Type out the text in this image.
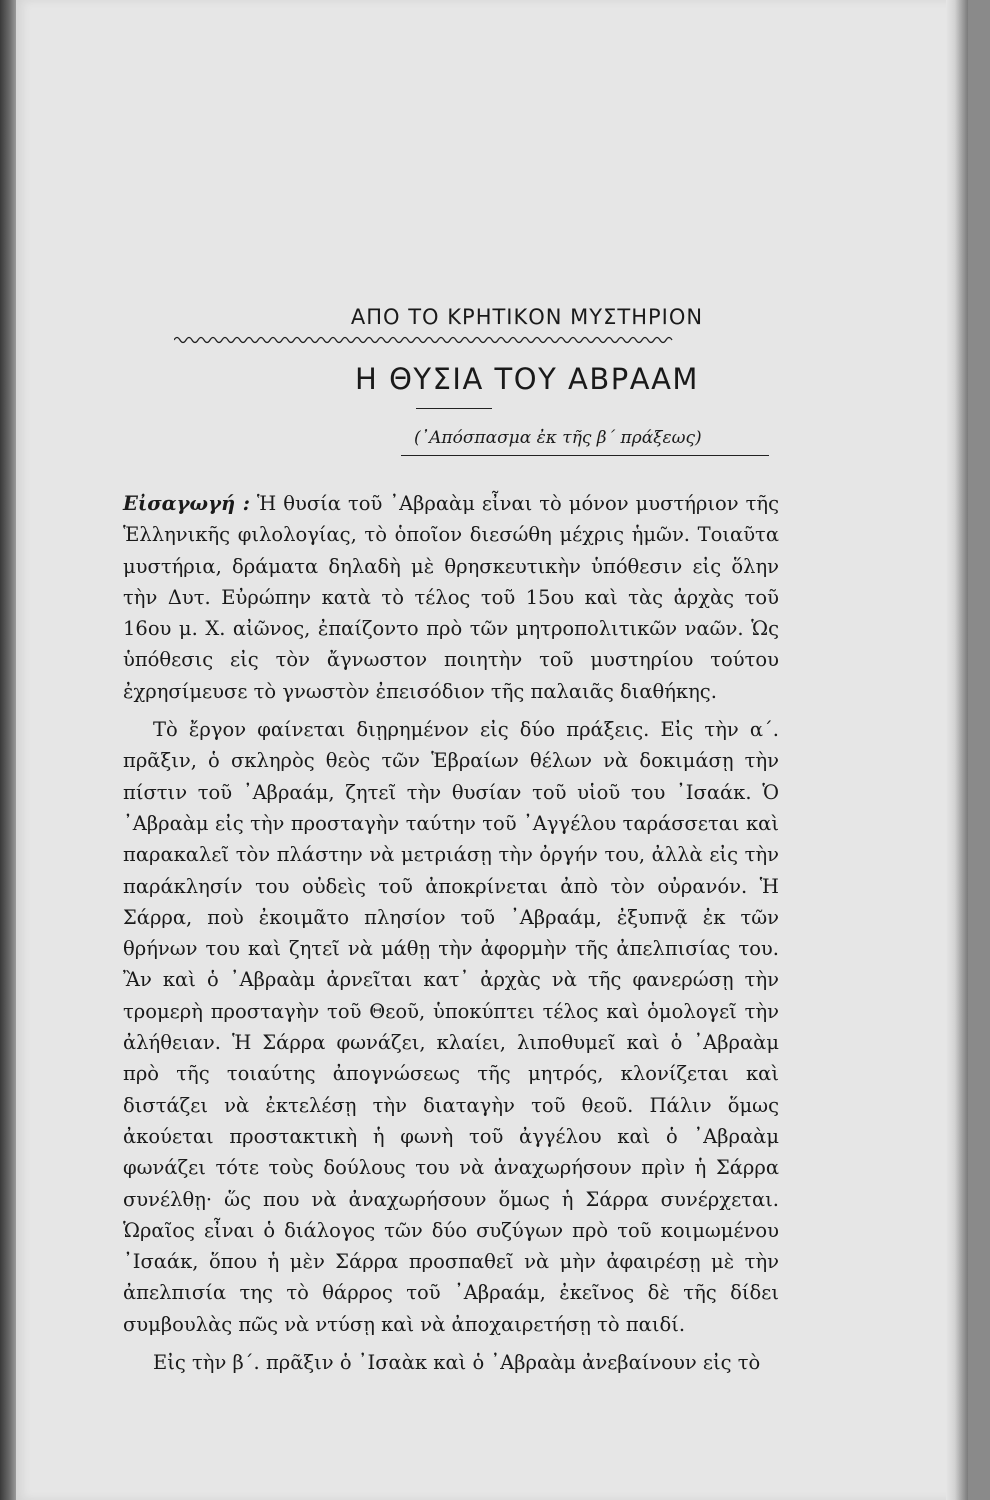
ΑΠΟ ΤΟ ΚΡΗΤΙΚΟΝ ΜΥΣΤΗΡΙΟΝ
Η ΘΥΣΙΑ ΤΟΥ ΑΒΡΑΑΜ
(᾿Απόσπασμα ἐκ τῆς β΄ πράξεως)

Εἰσαγωγή : Ἡ θυσία τοῦ ᾿Αβραὰμ εἶναι τὸ μόνον μυστήριον τῆς Ἑλληνικῆς φιλολογίας, τὸ ὁποῖον διεσώθη μέχρις ἡμῶν. Τοιαῦτα μυστήρια, δράματα δηλαδὴ μὲ θρησκευτικὴν ὑπόθεσιν εἰς ὅλην τὴν Δυτ. Εὐρώπην κατὰ τὸ τέλος τοῦ 15ου καὶ τὰς ἀρχὰς τοῦ 16ου μ. Χ. αἰῶνος, ἐπαίζοντο πρὸ τῶν μητροπολιτικῶν ναῶν. Ὡς ὑπόθεσις εἰς τὸν ἄγνωστον ποιητὴν τοῦ μυστηρίου τούτου ἐχρησίμευσε τὸ γνωστὸν ἐπεισόδιον τῆς παλαιᾶς διαθήκης.

Τὸ ἔργον φαίνεται διῃρημένον εἰς δύο πράξεις. Εἰς τὴν α΄. πρᾶξιν, ὁ σκληρὸς θεὸς τῶν Ἑβραίων θέλων νὰ δοκιμάσῃ τὴν πίστιν τοῦ ᾿Αβραάμ, ζητεῖ τὴν θυσίαν τοῦ υἱοῦ του ᾿Ισαάκ. Ὁ ᾿Αβραὰμ εἰς τὴν προσταγὴν ταύτην τοῦ ᾿Αγγέλου ταράσσεται καὶ παρακαλεῖ τὸν πλάστην νὰ μετριάσῃ τὴν ὀργήν του, ἀλλὰ εἰς τὴν παράκλησίν του οὐδεὶς τοῦ ἀποκρίνεται ἀπὸ τὸν οὐρανόν. Ἡ Σάρρα, ποὺ ἐκοιμᾶτο πλησίον τοῦ ᾿Αβραάμ, ἐξυπνᾷ ἐκ τῶν θρήνων του καὶ ζητεῖ νὰ μάθῃ τὴν ἀφορμὴν τῆς ἀπελπισίας του. Ἂν καὶ ὁ ᾿Αβραὰμ ἀρνεῖται κατ᾿ ἀρχὰς νὰ τῆς φανερώσῃ τὴν τρομερὴ προσταγὴν τοῦ Θεοῦ, ὑποκύπτει τέλος καὶ ὁμολογεῖ τὴν ἀλήθειαν. Ἡ Σάρρα φωνάζει, κλαίει, λιποθυμεῖ καὶ ὁ ᾿Αβραὰμ πρὸ τῆς τοιαύτης ἀπογνώσεως τῆς μητρός, κλονίζεται καὶ διστάζει νὰ ἐκτελέσῃ τὴν διαταγὴν τοῦ θεοῦ. Πάλιν ὅμως ἀκούεται προστακτικὴ ἡ φωνὴ τοῦ ἀγγέλου καὶ ὁ ᾿Αβραὰμ φωνάζει τότε τοὺς δούλους του νὰ ἀναχωρήσουν πρὶν ἡ Σάρρα συνέλθῃ· ὥς που νὰ ἀναχωρήσουν ὅμως ἡ Σάρρα συνέρχεται. Ὡραῖος εἶναι ὁ διάλογος τῶν δύο συζύγων πρὸ τοῦ κοιμωμένου ᾿Ισαάκ, ὅπου ἡ μὲν Σάρρα προσπαθεῖ νὰ μὴν ἀφαιρέσῃ μὲ τὴν ἀπελπισία της τὸ θάρρος τοῦ ᾿Αβραάμ, ἐκεῖνος δὲ τῆς δίδει συμβουλὰς πῶς νὰ ντύσῃ καὶ νὰ ἀποχαιρετήσῃ τὸ παιδί.

Εἰς τὴν β΄. πρᾶξιν ὁ ᾿Ισαὰκ καὶ ὁ ᾿Αβραὰμ ἀνεβαίνουν εἰς τὸ
